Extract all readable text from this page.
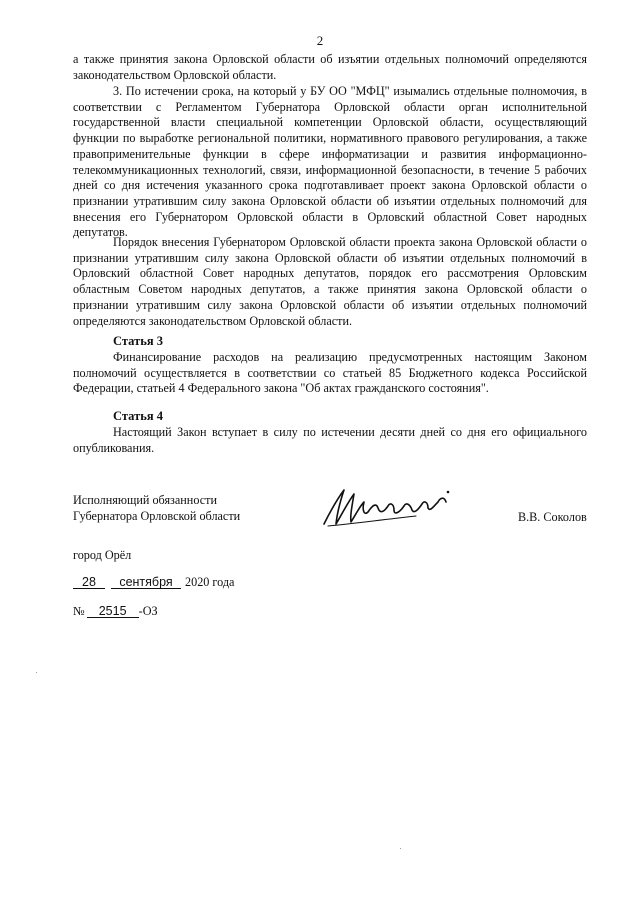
2

а также принятия закона Орловской области об изъятии отдельных полномочий определяются законодательством Орловской области.

3. По истечении срока, на который у БУ ОО "МФЦ" изымались отдельные полномочия, в соответствии с Регламентом Губернатора Орловской области орган исполнительной государственной власти специальной компетенции Орловской области, осуществляющий функции по выработке региональной политики, нормативного правового регулирования, а также правоприменительные функции в сфере информатизации и развития информационно-телекоммуникационных технологий, связи, информационной безопасности, в течение 5 рабочих дней со дня истечения указанного срока подготавливает проект закона Орловской области о признании утратившим силу закона Орловской области об изъятии отдельных полномочий для внесения его Губернатором Орловской области в Орловский областной Совет народных депутатов.

Порядок внесения Губернатором Орловской области проекта закона Орловской области о признании утратившим силу закона Орловской области об изъятии отдельных полномочий в Орловский областной Совет народных депутатов, порядок его рассмотрения Орловским областным Советом народных депутатов, а также принятия закона Орловской области о признании утратившим силу закона Орловской области об изъятии отдельных полномочий определяются законодательством Орловской области.

Статья 3

Финансирование расходов на реализацию предусмотренных настоящим Законом полномочий осуществляется в соответствии со статьей 85 Бюджетного кодекса Российской Федерации, статьей 4 Федерального закона "Об актах гражданского состояния".

Статья 4

Настоящий Закон вступает в силу по истечении десяти дней со дня его официального опубликования.

Исполняющий обязанности
Губернатора Орловской области	В.В. Соколов
город Орёл
28 сентября 2020 года
№ 2515 -ОЗ
